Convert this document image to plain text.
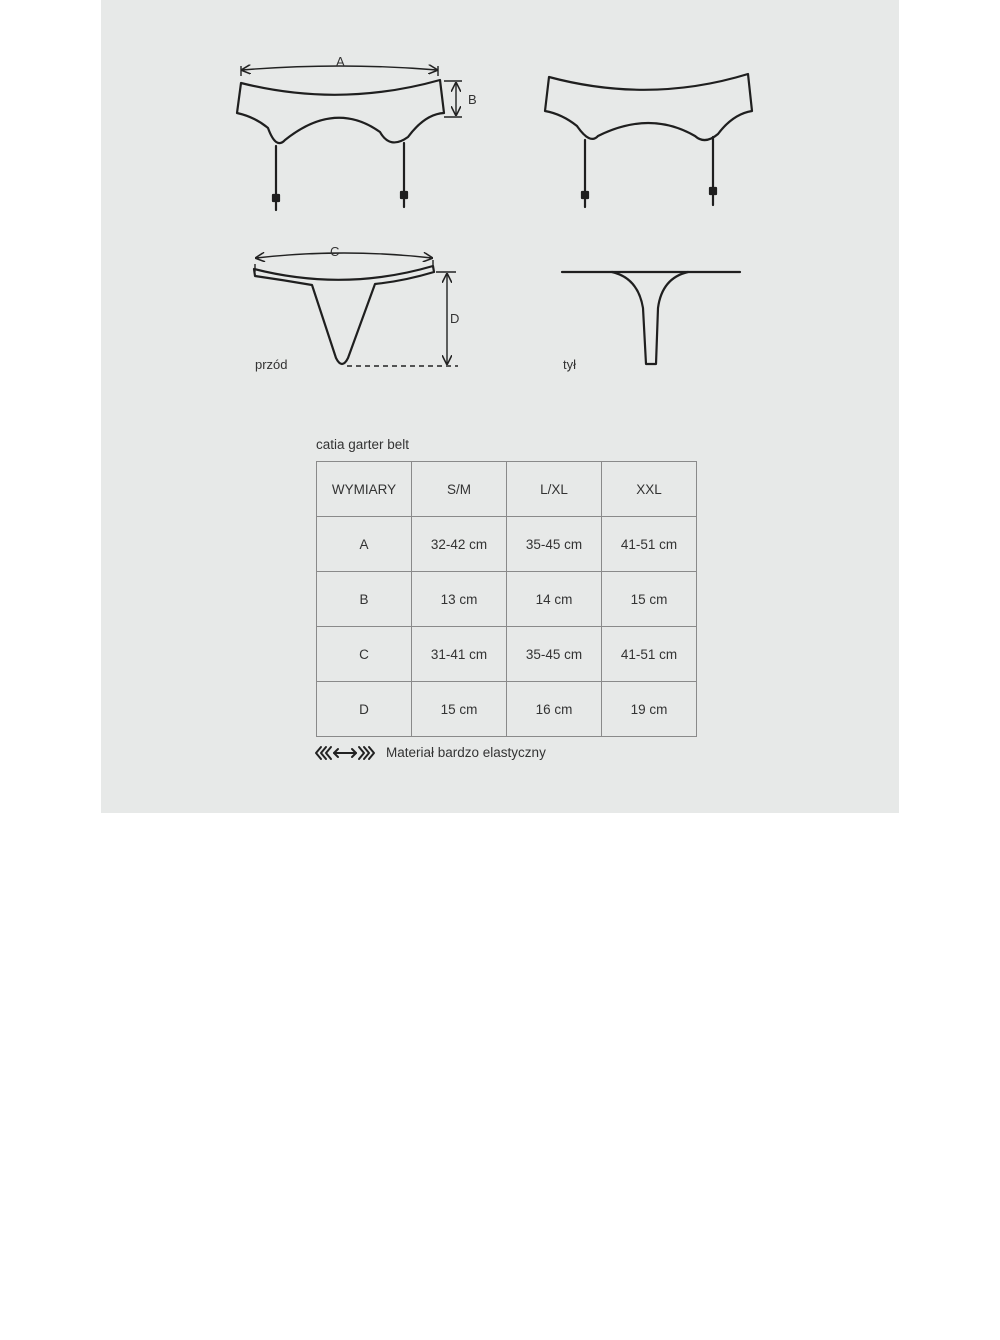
A
B
C
D
przód	tył
catia garter belt
WYMIARY	S/M	L/XL	XXL
A	32-42 cm	35-45 cm	41-51 cm
B	13 cm	14 cm	15 cm
C	31-41 cm	35-45 cm	41-51 cm
D	15 cm	16 cm	19 cm
Materiał bardzo elastyczny
